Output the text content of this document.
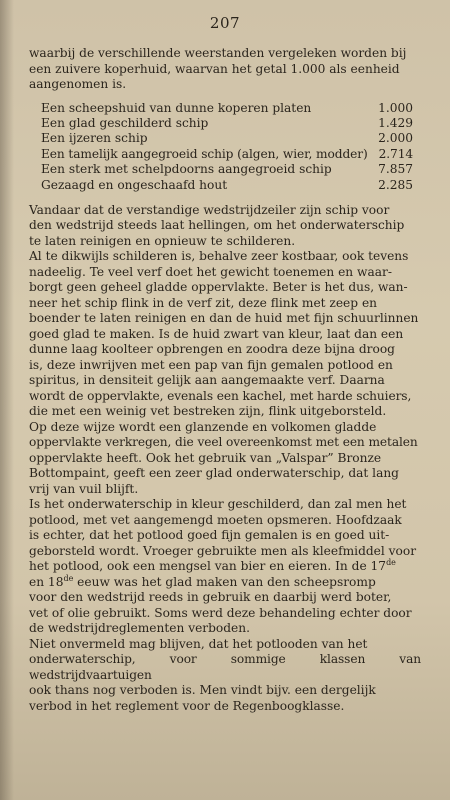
207

waarbij de verschillende weerstanden vergeleken worden bij

een zuivere koperhuid, waarvan het getal 1.000 als eenheid

aangenomen is.

Een scheepshuid van dunne koperen platen	1.000
Een glad geschilderd schip	1.429
Een ijzeren schip	2.000
Een tamelijk aangegroeid schip (algen, wier, modder) 2.714
Een sterk met schelpdoorns aangegroeid schip	7.857
Gezaagd en ongeschaafd hout	2.285

Vandaar dat de verstandige wedstrijdzeiler zijn schip voor

den wedstrijd steeds laat hellingen, om het onderwaterschip

te laten reinigen en opnieuw te schilderen.

Al te dikwijls schilderen is, behalve zeer kostbaar, ook tevens

nadeelig. Te veel verf doet het gewicht toenemen en waar-

borgt geen geheel gladde oppervlakte. Beter is het dus, wan-

neer het schip flink in de verf zit, deze flink met zeep en

boender te laten reinigen en dan de huid met fijn schuurlinnen

goed glad te maken. Is de huid zwart van kleur, laat dan een

dunne laag koolteer opbrengen en zoodra deze bijna droog

is, deze inwrijven met een pap van fijn gemalen potlood en

spiritus, in densiteit gelijk aan aangemaakte verf. Daarna

wordt de oppervlakte, evenals een kachel, met harde schuiers,

die met een weinig vet bestreken zijn, flink uitgeborsteld.

Op deze wijze wordt een glanzende en volkomen gladde

oppervlakte verkregen, die veel overeenkomst met een metalen

oppervlakte heeft. Ook het gebruik van „Valspar” Bronze

Bottompaint, geeft een zeer glad onderwaterschip, dat lang

vrij van vuil blijft.

Is het onderwaterschip in kleur geschilderd, dan zal men het

potlood, met vet aangemengd moeten opsmeren. Hoofdzaak

is echter, dat het potlood goed fijn gemalen is en goed uit-

geborsteld wordt. Vroeger gebruikte men als kleefmiddel voor

het potlood, ook een mengsel van bier en eieren. In de 17de

en 18de eeuw was het glad maken van den scheepsromp

voor den wedstrijd reeds in gebruik en daarbij werd boter,

vet of olie gebruikt. Soms werd deze behandeling echter door

de wedstrijdreglementen verboden.

Niet onvermeld mag blijven, dat het potlooden van het

onderwaterschip, voor sommige klassen van wedstrijdvaartuigen

ook thans nog verboden is. Men vindt bijv. een dergelijk

verbod in het reglement voor de Regenboogklasse.
